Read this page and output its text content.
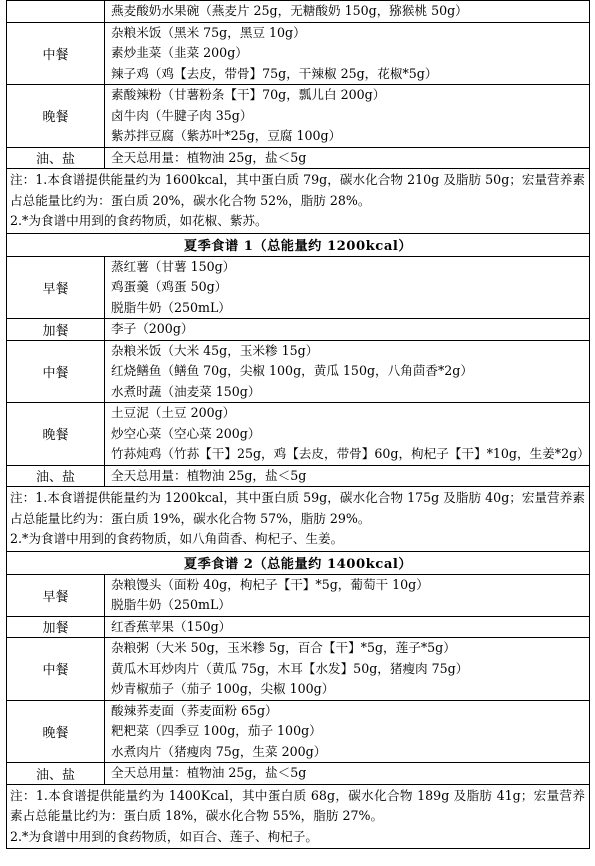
	燕麦酸奶水果碗（燕麦片 25g，无糖酸奶 150g，猕猴桃 50g）

中餐	杂粮米饭（黑米 75g，黑豆 10g）
素炒韭菜（韭菜 200g）
辣子鸡（鸡【去皮，带骨】75g，干辣椒 25g，花椒*5g）

晚餐	素酸辣粉（甘薯粉条【干】70g，瓢儿白 200g）
卤牛肉（牛腱子肉 35g）
紫苏拌豆腐（紫苏叶*25g，豆腐 100g）

油、盐	全天总用量：植物油 25g，盐＜5g

注：1.本食谱提供能量约为 1600kcal，其中蛋白质 79g，碳水化合物 210g 及脂肪 50g；宏量营养素占总能量比约为：蛋白质 20%，碳水化合物 52%，脂肪 28%。
2.*为食谱中用到的食药物质，如花椒、紫苏。	

夏季食谱 1（总能量约 1200kcal）	
早餐	蒸红薯（甘薯 150g）
鸡蛋羹（鸡蛋 50g）
脱脂牛奶（250mL）

加餐	李子（200g）

中餐	杂粮米饭（大米 45g，玉米糁 15g）
红烧鳝鱼（鳝鱼 70g，尖椒 100g，黄瓜 150g，八角茴香*2g）
水煮时蔬（油麦菜 150g）

晚餐	土豆泥（土豆 200g）
炒空心菜（空心菜 200g）
竹荪炖鸡（竹荪【干】25g，鸡【去皮，带骨】60g，枸杞子【干】*10g，生姜*2g）

油、盐	全天总用量：植物油 25g，盐＜5g

注：1.本食谱提供能量约为 1200kcal，其中蛋白质 59g，碳水化合物 175g 及脂肪 40g；宏量营养素占总能量比约为：蛋白质 19%，碳水化合物 57%，脂肪 29%。
2.*为食谱中用到的食药物质，如八角茴香、枸杞子、生姜。	

夏季食谱 2（总能量约 1400kcal）	
早餐	杂粮馒头（面粉 40g，枸杞子【干】*5g，葡萄干 10g）
脱脂牛奶（250mL）

加餐	红香蕉苹果（150g）

中餐	杂粮粥（大米 50g，玉米糁 5g，百合【干】*5g，莲子*5g）
黄瓜木耳炒肉片（黄瓜 75g，木耳【水发】50g，猪瘦肉 75g）
炒青椒茄子（茄子 100g，尖椒 100g）

晚餐	酸辣荞麦面（荞麦面粉 65g）
粑粑菜（四季豆 100g，茄子 100g）
水煮肉片（猪瘦肉 75g，生菜 200g）

油、盐	全天总用量：植物油 25g，盐＜5g

注：1.本食谱提供能量约为 1400Kcal，其中蛋白质 68g，碳水化合物 189g 及脂肪 41g；宏量营养素占总能量比约为：蛋白质 18%，碳水化合物 55%，脂肪 27%。
2.*为食谱中用到的食药物质，如百合、莲子、枸杞子。	
